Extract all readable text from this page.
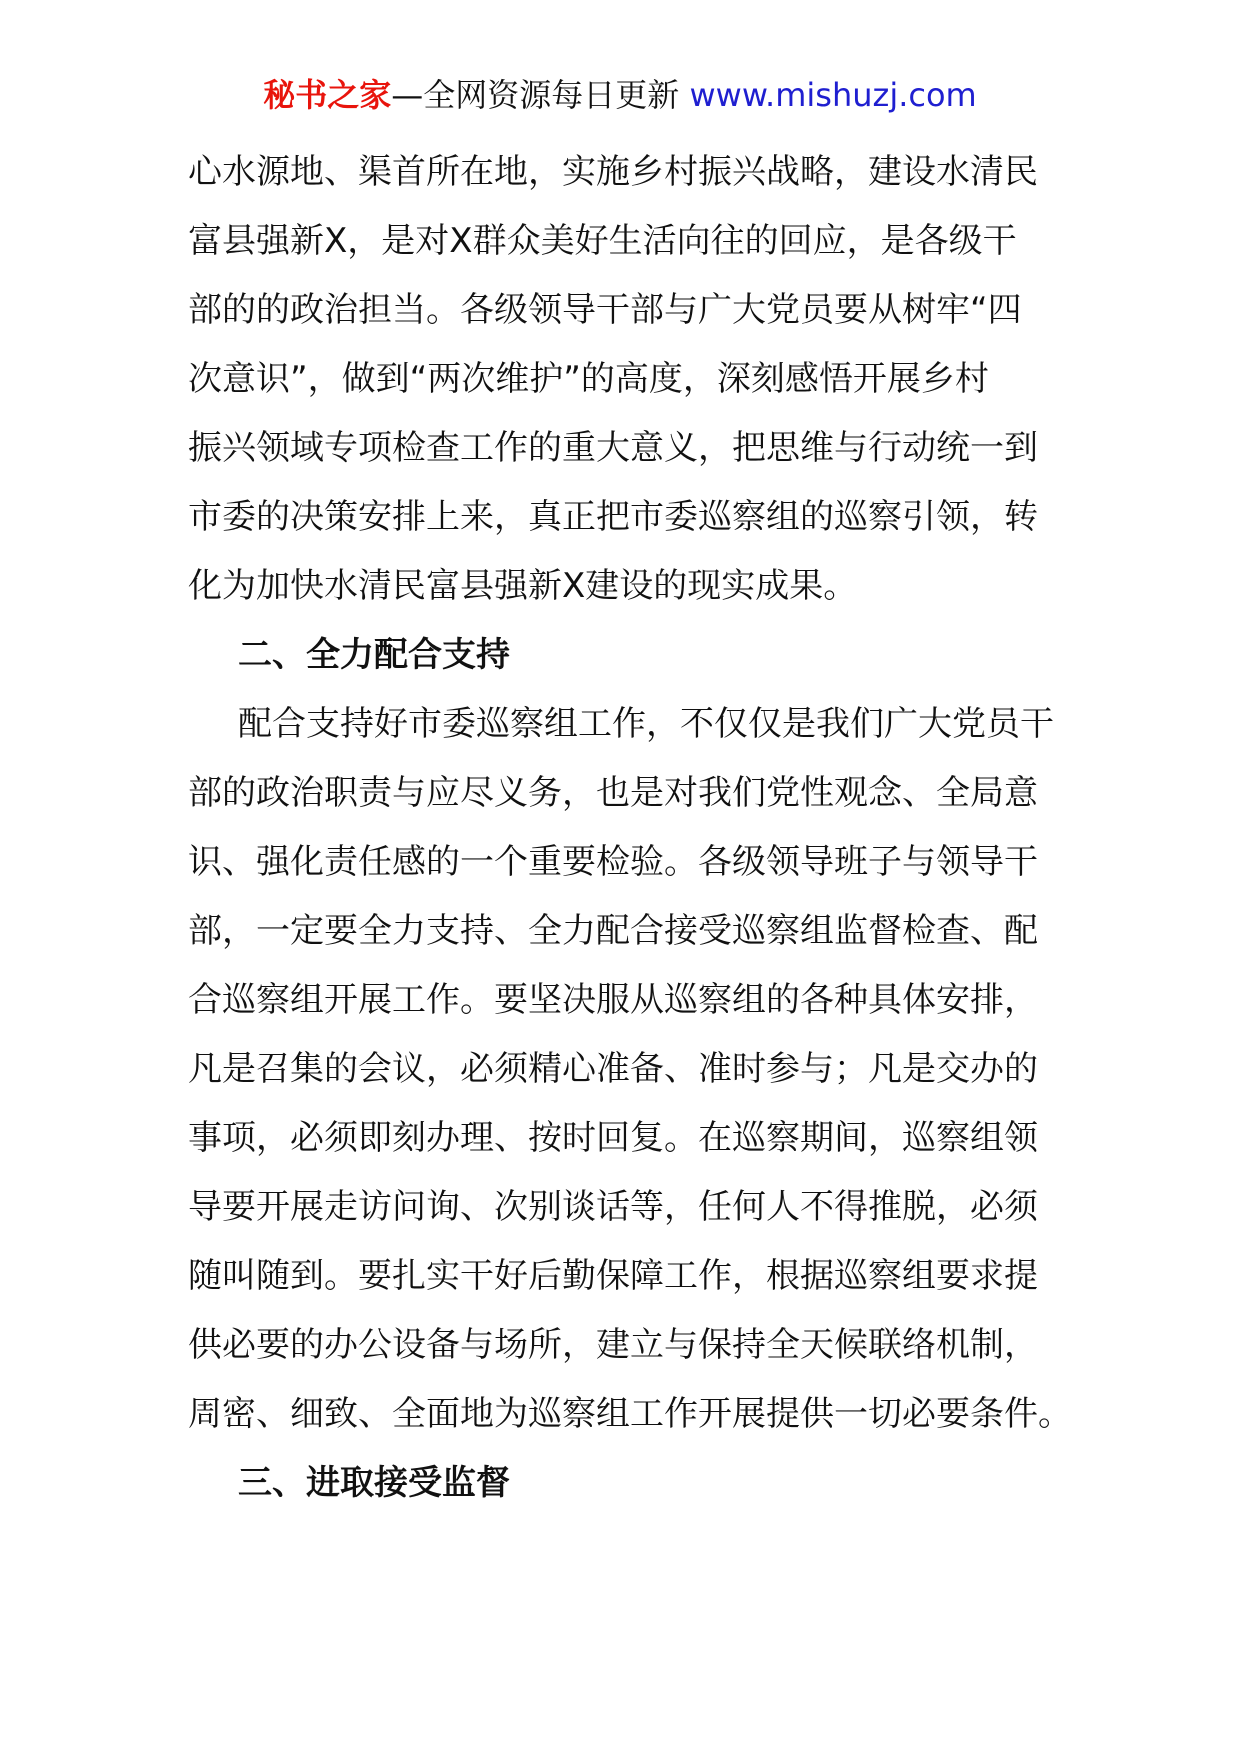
秘书之家—全网资源每日更新 www.mishuzj.com
心水源地、渠首所在地，实施乡村振兴战略，建设水清民
富县强新Ⅹ，是对Ⅹ群众美好生活向往的回应，是各级干
部的的政治担当。各级领导干部与广大党员要从树牢“四
次意识”，做到“两次维护”的高度，深刻感悟开展乡村
振兴领域专项检查工作的重大意义，把思维与行动统一到
市委的决策安排上来，真正把市委巡察组的巡察引领，转
化为加快水清民富县强新Ⅹ建设的现实成果。
二、全力配合支持
配合支持好市委巡察组工作，不仅仅是我们广大党员干
部的政治职责与应尽义务，也是对我们党性观念、全局意
识、强化责任感的一个重要检验。各级领导班子与领导干
部，一定要全力支持、全力配合接受巡察组监督检查、配
合巡察组开展工作。要坚决服从巡察组的各种具体安排，
凡是召集的会议，必须精心准备、准时参与；凡是交办的
事项，必须即刻办理、按时回复。在巡察期间，巡察组领
导要开展走访问询、次别谈话等，任何人不得推脱，必须
随叫随到。要扎实干好后勤保障工作，根据巡察组要求提
供必要的办公设备与场所，建立与保持全天候联络机制，
周密、细致、全面地为巡察组工作开展提供一切必要条件。
三、进取接受监督
